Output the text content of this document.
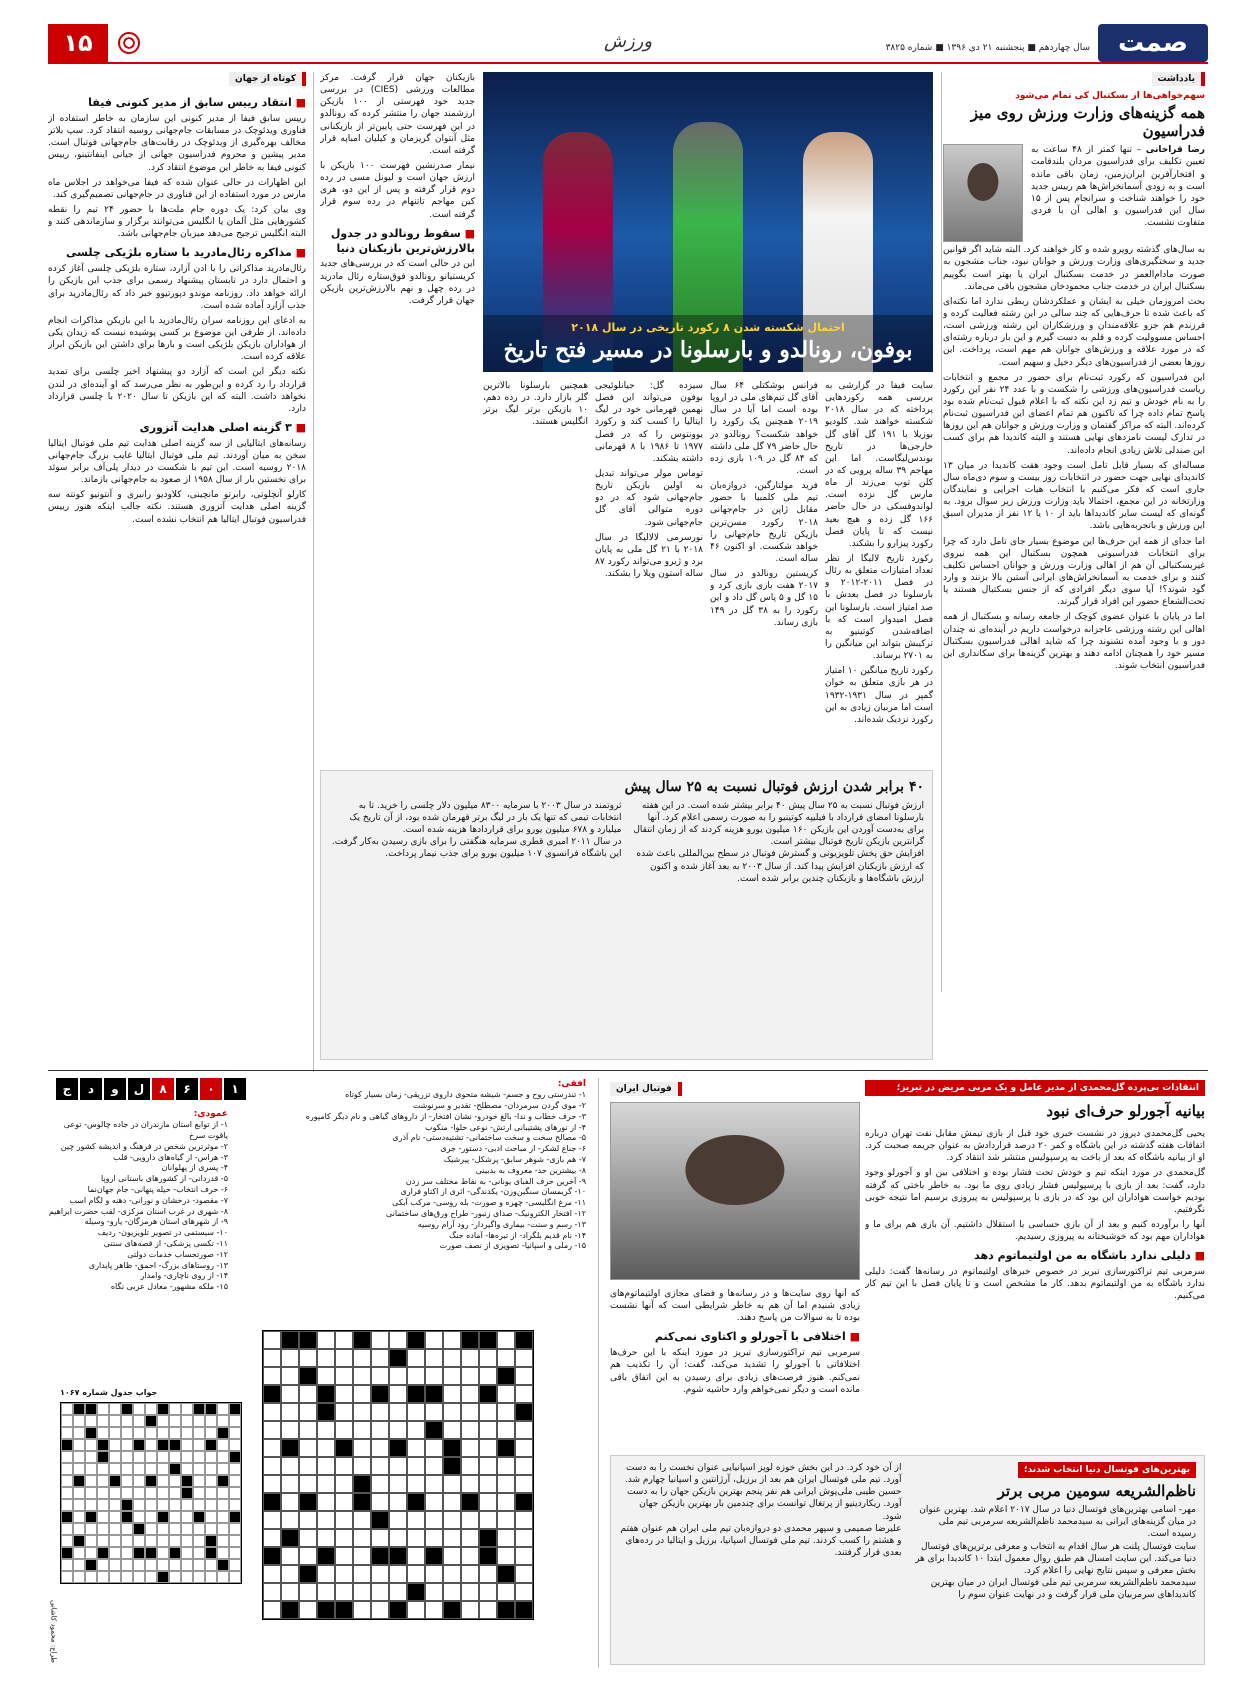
صمت
سال چهاردهم ■ پنجشنبه ۲۱ دی ۱۳۹۶ ■ شماره ۳۸۲۵
ورزش
۱۵
یادداشت
سهم‌خواهی‌ها از بسکتبال کی تمام می‌شود
همه گزینه‌های وزارت ورزش روی میز فدراسیون

رضا قراخانی – تنها کمتر از ۴۸ ساعت به تعیین تکلیف برای فدراسیون مردان بلندقامت و افتخارآفرین ایران‌زمین، زمان باقی مانده است و به زودی آسمانخراش‌ها هم رییس جدید خود را خواهند شناخت و سرانجام پس از ۱۵ سال این فدراسیون و اهالی آن با فردی متفاوت نشست.

به سال‌های گذشته رویرو شده و کار خواهند کرد. البته شاید اگر قوانین جدید و سختگیری‌های وزارت ورزش و جوانان نبود، جناب مشجون به صورت مادام‌العمر در خدمت بسکتبال ایران یا بهتر است بگوییم بسکتبال ایران در خدمت جناب محمودخان مشجون باقی می‌ماند.

بحث امروزمان خیلی به ایشان و عملکردشان ربطی ندارد اما نکته‌ای که باعث شده تا حرف‌هایی که چند سالی در این رشته فعالیت کرده و فرزندم هم جزو علاقه‌مندان و ورزشکاران این رشته ورزشی است، احساس مسوولیت کرده و قلم به دست گیرم و این بار درباره رشته‌ای که در مورد علاقه و ورزش‌های جوانان هم مهم است، پرداخت. این روزها بعضی از فدراسیون‌های دیگر دخیل و سهیم است.

این فدراسیون که رکورد ثبت‌نام برای حضور در مجمع و انتخابات ریاست فدراسیون‌های ورزشی را شکست و با عدد ۲۴ نفر این رکورد را به نام خودش و تیم زد این نکته که با اعلام قبول ثبت‌نام شده بود پاسخ تمام داده چرا که تاکنون هم تمام اعضای این فدراسیون ثبت‌نام کرده‌اند. البته که مراکز گفتمان و وزارت ورزش و جوانان هم این روزها در تدارک لیست نامزدهای نهایی هستند و البته کاندیدا هم برای کسب این صندلی تلاش زیادی انجام داده‌اند.

مساله‌ای که بسیار قابل تامل است وجود هفت کاندیدا در میان ۱۳ کاندیدای نهایی جهت حضور در انتخابات روز بیست و سوم دی‌ماه سال جاری است که فکر می‌کنیم با انتخاب هیات اجرایی و نمایندگان وزارتخانه در این مجمع، احتمالا باید وزارت ورزش زیر سوال برود. به گونه‌ای که لیست سایر کاندیداها باید از ۱۰ یا ۱۲ نفر از مدیران اسبق این ورزش و باتجربه‌هایی باشد.

اما جدای از همه این حرف‌ها این موضوع بسیار جای تامل دارد که چرا برای انتخابات فدراسیونی همچون بسکتبال این همه نیروی غیربسکتبالی آن هم از اهالی وزارت ورزش و جوانان احساس تکلیف کنند و برای خدمت به آسمانخراش‌های ایرانی آستین بالا بزنند و وارد گود شوند؟! آیا سوی دیگر افرادی که از جنس بسکتبال هستند یا تحت‌الشعاع حضور این افراد قرار گیرند.

اما در پایان با عنوان عضوی کوچک از جامعه رسانه و بسکتبال از همه اهالی این رشته ورزشی عاجزانه درخواست داریم در آینده‌ای نه چندان دور و با وجود آمده نشنوند چرا که شاید اهالی فدراسیون بسکتبال مسیر خود را همچنان ادامه دهند و بهترین گزینه‌ها برای سکانداری این فدراسیون انتخاب شوند.

احتمال شکسته شدن ۸ رکورد تاریخی در سال ۲۰۱۸
بوفون، رونالدو و بارسلونا در مسیر فتح تاریخ

سایت فیفا در گزارشی به بررسی همه رکوردهایی پرداخته که در سال ۲۰۱۸ شکسته خواهند شد. کلودیو بوزیلا با ۱۹۱ گل آقای گل خارجی‌ها در تاریخ بوندس‌لیگاست. اما این مهاجم ۳۹ ساله پرویی که در کلن توپ می‌زند از ماه مارس گل نزده است. لواندوفسکی در حال حاضر ۱۶۶ گل زده و هیچ بعید نیست که تا پایان فصل رکورد پیزارو را بشکند.

رکورد تاریخ لالیگا از نظر تعداد امتیازات متعلق به رئال در فصل ۲۰۱۱-۲۰۱۲ و بارسلونا در فصل بعدش با صد امتیاز است. بارسلونا این فصل امیدوار است که با اضافه‌شدن کوتینیو به ترکیبش بتواند این میانگین را به ۲۷۰۱ برساند.

رکورد تاریخ میانگین ۱۰ امتیاز در هر بازی متعلق به خوان گمپر در سال ۱۹۳۱-۱۹۳۲ است اما مربیان زیادی به این رکورد نزدیک شده‌اند.

فرانس بوشکتلی ۶۴ سال آقای گل تیم‌های ملی در اروپا بوده است اما آیا در سال ۲۰۱۹ همچنین یک رکورد را خواهد شکست؟ رونالدو در حال حاضر ۷۹ گل ملی داشته که ۸۴ گل در ۱۰۹ بازی زده است.

فرید مولتارگین، دروازه‌بان تیم ملی کلمبیا با حضور مقابل ژاپن در جام‌جهانی ۲۰۱۸ رکورد مسن‌ترین بازیکن تاریخ جام‌جهانی را خواهد شکست. او اکنون ۴۶ ساله است.

کریستین رونالدو در سال ۲۰۱۷ هفت بازی بازی کرد و ۱۵ گل و ۵ پاس گل داد و این رکورد را به ۳۸ گل در ۱۴۹ بازی رساند.

سیزده گل: جیانلوئیجی بوفون می‌تواند این فصل نهمین قهرمانی خود در لیگ ایتالیا را کسب کند و رکورد یوونتوس را که در فصل ۱۹۷۷ تا ۱۹۸۶ با ۸ قهرمانی داشته بشکند.

توماس مولر می‌تواند تبدیل به اولین بازیکن تاریخ جام‌جهانی شود که در دو دوره متوالی آقای گل جام‌جهانی شود.

نورسرمی لالالیگا در سال ۲۰۱۸ با ۲۱ گل ملی به پایان برد و ژیرو می‌تواند رکورد ۸۷ ساله استون ویلا را بشکند.

همچنین بارسلونا بالاترین گلر بازار دارد. در رده دهم، ۱۰ بازیکن برتر لیگ برتر انگلیس هستند.

بازیکنان جهان قرار گرفت. مرکز مطالعات ورزشی (CIES) در بررسی جدید خود فهرستی از ۱۰۰ بازیکن ارزشمند جهان را منتشر کرده که رونالدو در این فهرست حتی پایین‌تر از بازیکنانی مثل آنتوان گریزمان و کیلیان امباپه قرار گرفته است.

نیمار صدرنشین فهرست ۱۰۰ بازیکن با ارزش جهان است و لیونل مسی در رده دوم قرار گرفته و پس از این دو، هری کین مهاجم تاتنهام در رده سوم قرار گرفته است.

■ سقوط رونالدو در جدول بالارزش‌ترین بازیکنان دنیا

این در حالی است که در بررسی‌های جدید کریستیانو رونالدو فوق‌ستاره رئال مادرید در رده چهل و نهم بالارزش‌ترین بازیکن جهان قرار گرفت.

۴۰ برابر شدن ارزش فوتبال نسبت به ۲۵ سال پیش

ارزش فوتبال نسبت به ۲۵ سال پیش ۴۰ برابر بیشتر شده است. در این هفته بارسلونا امضای قرارداد با فیلیپه کوتینیو را به صورت رسمی اعلام کرد. آنها برای به‌دست آوردن این بازیکن ۱۶۰ میلیون یورو هزینه کردند که از زمان انتقال گرانترین بازیکن تاریخ فوتبال بیشتر است.

افزایش حق پخش تلویزیونی و گسترش فوتبال در سطح بین‌المللی باعث شده که ارزش بازیکنان افزایش پیدا کند. از سال ۲۰۰۳ به بعد آغاز شده و اکنون ارزش باشگاه‌ها و بازیکنان چندین برابر شده است.

ثروتمند در سال ۲۰۰۳ با سرمایه ۸۳۰۰ میلیون دلار چلسی را خرید. تا به انتخابات تیمی که تنها یک بار در لیگ برتر قهرمان شده بود، از آن تاریخ یک میلیارد و ۶۷۸ میلیون یورو برای قراردادها هزینه شده است.

در سال ۲۰۱۱ امیری قطری سرمایه هنگفتی را برای بازی رسیدن به‌کار گرفت. این باشگاه فرانسوی ۱۰۷ میلیون یورو برای جذب نیمار پرداخت.

کوتاه از جهان
■ انتقاد رییس سابق از مدیر کنونی فیفا

رییس سابق فیفا از مدیر کنونی این سازمان به خاطر استفاده از فناوری ویدئوچک در مسابقات جام‌جهانی روسیه انتقاد کرد. سپ بلاتر مخالف بهره‌گیری از ویدئوچک در رقابت‌های جام‌جهانی فوتبال است. مدیر پیشین و محروم فدراسیون جهانی از جیانی اینفانتینو، رییس کنونی فیفا به خاطر این موضوع انتقاد کرد.

این اظهارات در حالی عنوان شده که فیفا می‌خواهد در اجلاس ماه مارس در مورد استفاده از این فناوری در جام‌جهانی تصمیم‌گیری کند.

وی بیان کرد: یک دوره جام ملت‌ها با حضور ۲۴ تیم را نقطه کشورهایی مثل آلمان یا انگلیس می‌توانند برگزار و سازماندهی کنند و البته انگلیس ترجیح می‌دهد میزبان جام‌جهانی باشد.

■ مذاکره رئال‌مادرید با ستاره بلژیکی چلسی

رئال‌مادرید مذاکراتی را با ادن آزارد، ستاره بلژیکی چلسی آغاز کرده و احتمال دارد در تابستان پیشنهاد رسمی برای جذب این بازیکن را ارائه خواهد داد. روزنامه موندو دپورتیوو خبر داد که رئال‌مادرید برای جذب آزارد آماده شده است.

به ادعای این روزنامه سران رئال‌مادرید با این بازیکن مذاکرات انجام داده‌اند. از طرفی این موضوع بر کسی پوشیده نیست که زیدان یکی از هواداران بازیکن بلژیکی است و بارها برای داشتن این بازیکن ابراز علاقه کرده است.

نکته دیگر این است که آزارد دو پیشنهاد اخیر چلسی برای تمدید قرارداد را رد کرده و این‌طور به نظر می‌رسد که او آینده‌ای در لندن نخواهد داشت. البته که این بازیکن تا سال ۲۰۲۰ با چلسی قرارداد دارد.

■ ۳ گزینه اصلی هدایت آتزوری

رسانه‌های ایتالیایی از سه گزینه اصلی هدایت تیم ملی فوتبال ایتالیا سخن به میان آوردند. تیم ملی فوتبال ایتالیا غایب بزرگ جام‌جهانی ۲۰۱۸ روسیه است. این تیم با شکست در دیدار پلی‌آف برابر سوئد برای نخستین بار از سال ۱۹۵۸ از صعود به جام‌جهانی بازماند.

کارلو آنچلوتی، رابرتو مانچینی، کلاودیو رانیری و آنتونیو کونته سه گزینه اصلی هدایت آتزوری هستند. نکته جالب اینکه هنوز رییس فدراسیون فوتبال ایتالیا هم انتخاب نشده است.

۱
۰
۶
۸
ل
و
د
ج
عمودی:
۱- از توابع استان مازندران در جاده چالوس- نوعی یاقوت سرخ
۲- موثرترین شخص در فرهنگ و اندیشه کشور چین
۳- هراس- از گیاه‌های دارویی- قلب
۴- پسری از پهلوانان
۵- قدردانی- از کشورهای باستانی اروپا
۶- حرف انتخاب- حیله پنهانی- جام جهان‌نما
۷- مقصود- درخشان و نورانی- دهنه و لگام اسب
۸- شهری در غرب استان مرکزی- لقب حضرت ابراهیم
۹- از شهرهای استان هرمزگان- یارو- وسیله
۱۰- سیستمی در تصویر تلویزیون- ردیف
۱۱- تکسی پزشکی- از قصه‌های سنتی
۱۲- صورتحساب خدمات دولتی
۱۳- روستاهای بزرگ- احمق- ظاهر پایداری
۱۴- از روی ناچاری- وامدار
۱۵- ملکه مشهور- معادل عربی نگاه
افقی:
۱- تندرستی روح و جسم- شیشه متحوی داروی تزریقی- زمان بسیار کوتاه
۲- موی گردن سرمردان- مصطلح- تقدیر و سرنوشت
۳- حرف خطاب و ندا- بالغ خودرو- نشان افتخار- از داروهای گیاهی و نام دیگر کامپوره
۴- از نورهای پشتیبانی ارتش- نوعی حلوا- منکوب
۵- مصالح سخت و سخت ساختمانی- تشتیه‌دستی- نام آذری
۶- جناع لشکر- از مباحث ادبی- دستور- جری
۷- هم بازی- شوهر سابق- پرشکل- پیرشیک
۸- بیشترین حد- معروف به بدبینی
۹- آخرین حرف الفبای یونانی- به نقاط مختلف سر زدن
۱۰- گریمسان سنگین‌وزن- یکدندگی- اثری از اکتاو فراری
۱۱- مرغ انگلیسی- چهره و صورت- بله روسی- مرکب آبکی
۱۲- افتخار الکترونیک- صدای زنبور- طراح ورق‌های ساختمانی
۱۳- رسم و سنت- بیماری واگیردار- رود آرام روسیه
۱۴- نام قدیم بلگراد- از تیره‌ها- آماده جنگ
۱۵- رملی و اسپانیا- تصویری از نصف صورت
جواب جدول شماره ۱۰۶۷
طراح: محمود کاشانی
فوتبال ایران

که آنها روی سایت‌ها و در رسانه‌ها و فضای مجازی اولتیماتوم‌های زیادی شنیدم اما آن هم به خاطر شرایطی است که آنها نشست بوده تا به سوالات من پاسخ دهند.

■ اختلافی با آجورلو و اکتاوی نمی‌کنم

سرمربی تیم تراکتورسازی تبریز در مورد اینکه با این حرف‌ها اختلافاتی با آجورلو را تشدید می‌کند، گفت: آن را تکذیب هم نمی‌کنم. هنوز فرصت‌های زیادی برای رسیدن به این اتفاق باقی مانده است و دیگر نمی‌خواهم وارد حاشیه شوم.

انتقادات بی‌پرده گل‌محمدی از مدیر عامل و یک مربی مریض در تبریز؛
بیانیه آجورلو حرف‌ای نبود

یحیی گل‌محمدی دیروز در نشست خبری خود قبل از بازی تیمش مقابل نفت تهران درباره اتفاقات هفته گذشته در این باشگاه و کمر ۲۰ درصد قراردادش به عنوان جریمه صحبت کرد. او از بیانیه باشگاه که بعد از باخت به پرسپولیس منتشر شد انتقاد کرد.

گل‌محمدی در مورد اینکه تیم و خودش تحت فشار بوده و اختلافی بین او و آجورلو وجود دارد، گفت: بعد از بازی با پرسپولیس فشار زیادی روی ما بود. به خاطر باختی که گرفته بودیم خواست هواداران این بود که در بازی با پرسپولیس به پیروزی برسیم اما نتیجه خوبی نگرفتیم.

آنها را برآورده کنیم و بعد از آن بازی حساسی با استقلال داشتیم. آن بازی هم برای ما و هواداران مهم بود که خوشبختانه به پیروزی رسیدیم.

■ دلیلی ندارد باشگاه به من اولتیماتوم دهد

سرمربی تیم تراکتورسازی تبریز در خصوص خبرهای اولتیماتوم در رسانه‌ها گفت: دلیلی ندارد باشگاه به من اولتیماتوم بدهد. کار ما مشخص است و تا پایان فصل با این تیم کار می‌کنیم.

بهترین‌های فوتسال دنیا انتخاب شدند؛
ناظم‌الشریعه سومین مربی برتر

مهر- اسامی بهترین‌های فوتسال دنیا در سال ۲۰۱۷ اعلام شد. بهترین عنوان در میان گزینه‌های ایرانی به سیدمحمد ناظم‌الشریعه سرمربی تیم ملی رسیده است.

سایت فوتسال پلنت هر سال اقدام به انتخاب و معرفی برترین‌های فوتسال دنیا می‌کند. این سایت امسال هم طبق روال معمول ابتدا ۱۰ کاندیدا برای هر بخش معرفی و سپس نتایج نهایی را اعلام کرد.

سیدمحمد ناظم‌الشریعه سرمربی تیم ملی فوتسال ایران در میان بهترین کاندیداهای سرمربیان ملی قرار گرفت و در نهایت عنوان سوم را

از آن خود کرد. در این بخش خوزه لوپز اسپانیایی عنوان نخست را به دست آورد. تیم ملی فوتسال ایران هم بعد از برزیل، آرژانتین و اسپانیا چهارم شد.

حسین طیبی ملی‌پوش ایرانی هم نفر پنجم بهترین بازیکن جهان را به دست آورد. ریکاردینیو از پرتغال توانست برای چندمین بار بهترین بازیکن جهان شود.

علیرضا صمیمی و سپهر محمدی دو دروازه‌بان تیم ملی ایران هم عنوان هفتم و هشتم را کسب کردند. تیم ملی فوتسال اسپانیا، برزیل و ایتالیا در رده‌های بعدی قرار گرفتند.
